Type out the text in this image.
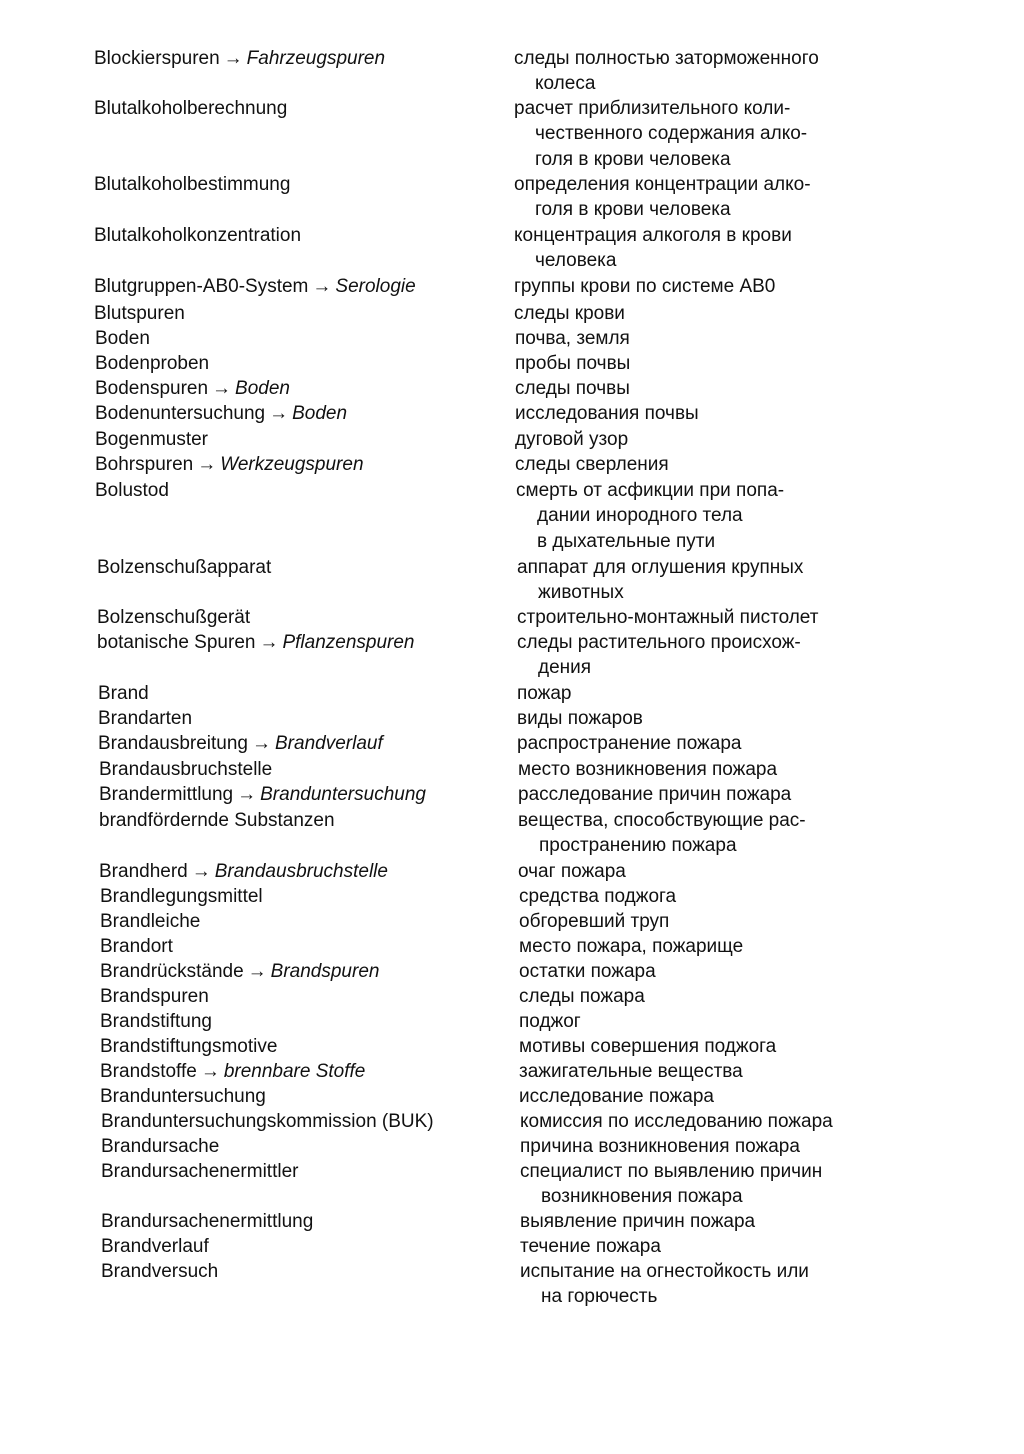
Blockierspuren → Fahrzeugspuren	следы полностью заторможенного
колеса
Blutalkoholberechnung	расчет приблизительного коли-
чественного содержания алко-
голя в крови человека
Blutalkoholbestimmung	определения концентрации алко-
голя в крови человека
Blutalkoholkonzentration	концентрация алкоголя в крови
человека
Blutgruppen-AB0-System → Serologie	группы крови по системе АВ0
Blutspuren	следы крови
Boden	почва, земля
Bodenproben	пробы почвы
Bodenspuren → Boden	следы почвы
Bodenuntersuchung → Boden	исследования почвы
Bogenmuster	дуговой узор
Bohrspuren → Werkzeugspuren	следы сверления
Bolustod	смерть от асфикции при попа-
дании инородного тела
в дыхательные пути
Bolzenschußapparat	аппарат для оглушения крупных
животных
Bolzenschußgerät	строительно-монтажный пистолет
botanische Spuren → Pflanzenspuren	следы растительного происхож-
дения
Brand	пожар
Brandarten	виды пожаров
Brandausbreitung → Brandverlauf	распространение пожара
Brandausbruchstelle	место возникновения пожара
Brandermittlung → Branduntersuchung	расследование причин пожара
brandfördernde Substanzen	вещества, способствующие рас-
пространению пожара
Brandherd → Brandausbruchstelle	очаг пожара
Brandlegungsmittel	средства поджога
Brandleiche	обгоревший труп
Brandort	место пожара, пожарище
Brandrückstände → Brandspuren	остатки пожара
Brandspuren	следы пожара
Brandstiftung	поджог
Brandstiftungsmotive	мотивы совершения поджога
Brandstoffe → brennbare Stoffe	зажигательные вещества
Branduntersuchung	исследование пожара
Branduntersuchungskommission (BUK)	комиссия по исследованию пожара
Brandursache	причина возникновения пожара
Brandursachenermittler	специалист по выявлению причин
возникновения пожара
Brandursachenermittlung	выявление причин пожара
Brandverlauf	течение пожара
Brandversuch	испытание на огнестойкость или
на горючесть
